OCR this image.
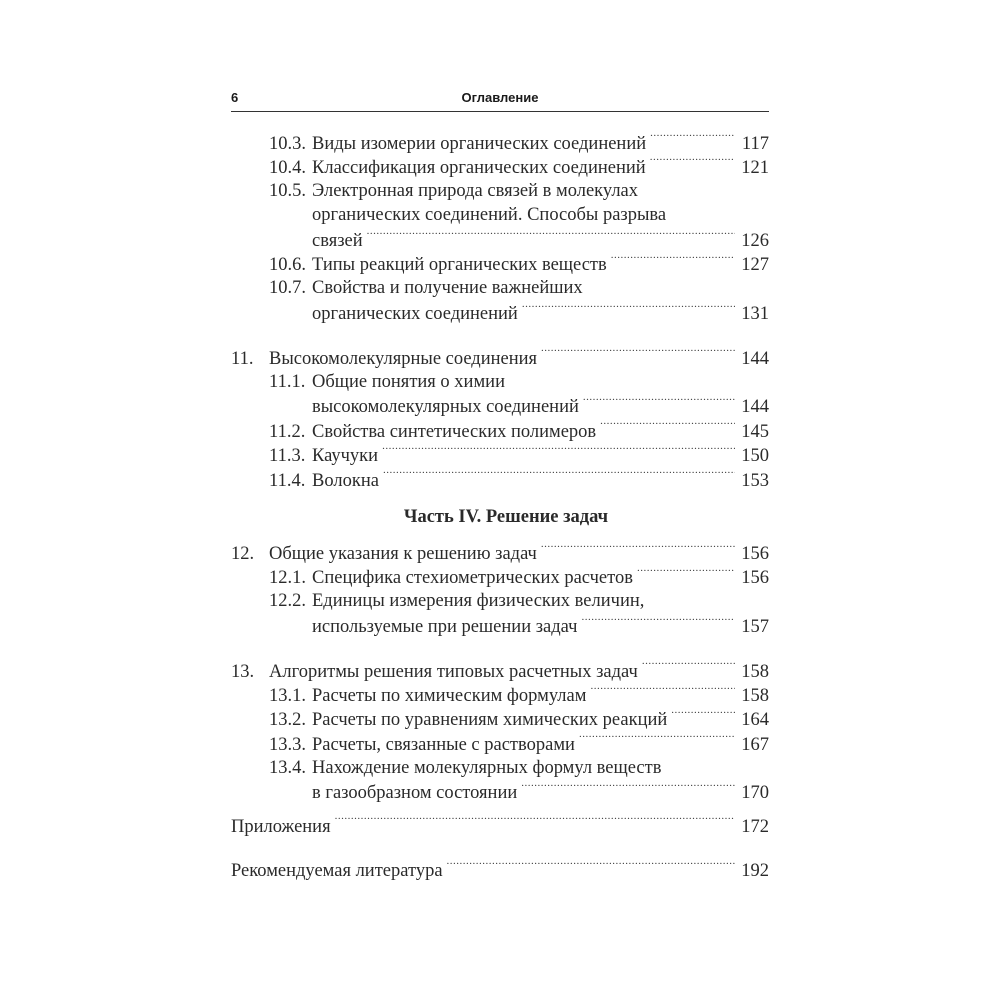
6	Оглавление
10.3. Виды изомерии органических соединений .....	117
10.4. Классификация органических соединений .....	121
10.5. Электронная природа связей в молекулах
органических соединений. Способы разрыва
связей .....	126
10.6. Типы реакций органических веществ .....	127
10.7. Свойства и получение важнейших
органических соединений .....	131
11. Высокомолекулярные соединения .....	144
11.1. Общие понятия о химии
высокомолекулярных соединений .....	144
11.2. Свойства синтетических полимеров .....	145
11.3. Каучуки .....	150
11.4. Волокна .....	153
Часть IV. Решение задач
12. Общие указания к решению задач .....	156
12.1. Специфика стехиометрических расчетов .....	156
12.2. Единицы измерения физических величин,
используемые при решении задач .....	157
13. Алгоритмы решения типовых расчетных задач .....	158
13.1. Расчеты по химическим формулам .....	158
13.2. Расчеты по уравнениям химических реакций .....	164
13.3. Расчеты, связанные с растворами .....	167
13.4. Нахождение молекулярных формул веществ
в газообразном состоянии .....	170
Приложения .....	172
Рекомендуемая литература .....	192
